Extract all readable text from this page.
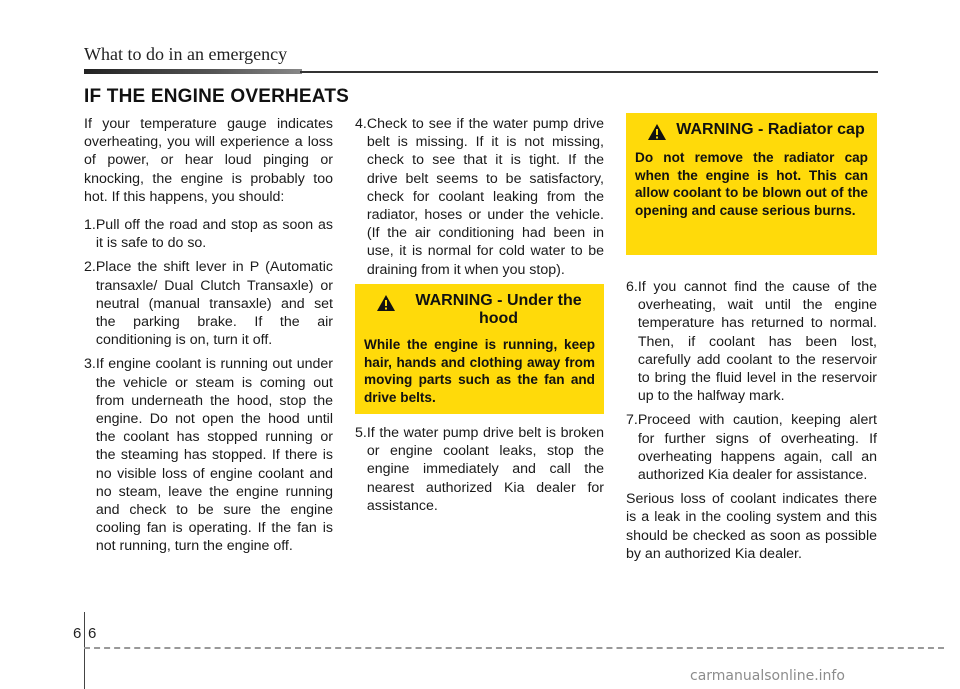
What to do in an emergency
IF THE ENGINE OVERHEATS

If your temperature gauge indicates overheating, you will experience a loss of power, or hear loud pinging or knocking, the engine is probably too hot. If this happens, you should:

1. Pull off the road and stop as soon as it is safe to do so.
2. Place the shift lever in P (Automatic transaxle/ Dual Clutch Transaxle) or neutral (manual transaxle) and set the parking brake. If the air conditioning is on, turn it off.
3. If engine coolant is running out under the vehicle or steam is coming out from underneath the hood, stop the engine. Do not open the hood until the coolant has stopped running or the steaming has stopped. If there is no visible loss of engine coolant and no steam, leave the engine running and check to be sure the engine cooling fan is operating. If the fan is not running, turn the engine off.
4. Check to see if the water pump drive belt is missing. If it is not missing, check to see that it is tight. If the drive belt seems to be satisfactory, check for coolant leaking from the radiator, hoses or under the vehicle. (If the air conditioning had been in use, it is normal for cold water to be draining from it when you stop).
WARNING - Under the hood
While the engine is running, keep hair, hands and clothing away from moving parts such as the fan and drive belts.
5. If the water pump drive belt is broken or engine coolant leaks, stop the engine immediately and call the nearest authorized Kia dealer for assistance.
WARNING - Radiator cap
Do not remove the radiator cap when the engine is hot. This can allow coolant to be blown out of the opening and cause serious burns.
6. If you cannot find the cause of the overheating, wait until the engine temperature has returned to normal. Then, if coolant has been lost, carefully add coolant to the reservoir to bring the fluid level in the reservoir up to the halfway mark.
7. Proceed with caution, keeping alert for further signs of overheating. If overheating happens again, call an authorized Kia dealer for assistance.

Serious loss of coolant indicates there is a leak in the cooling system and this should be checked as soon as possible by an authorized Kia dealer.

6 6
carmanualsonline.info
